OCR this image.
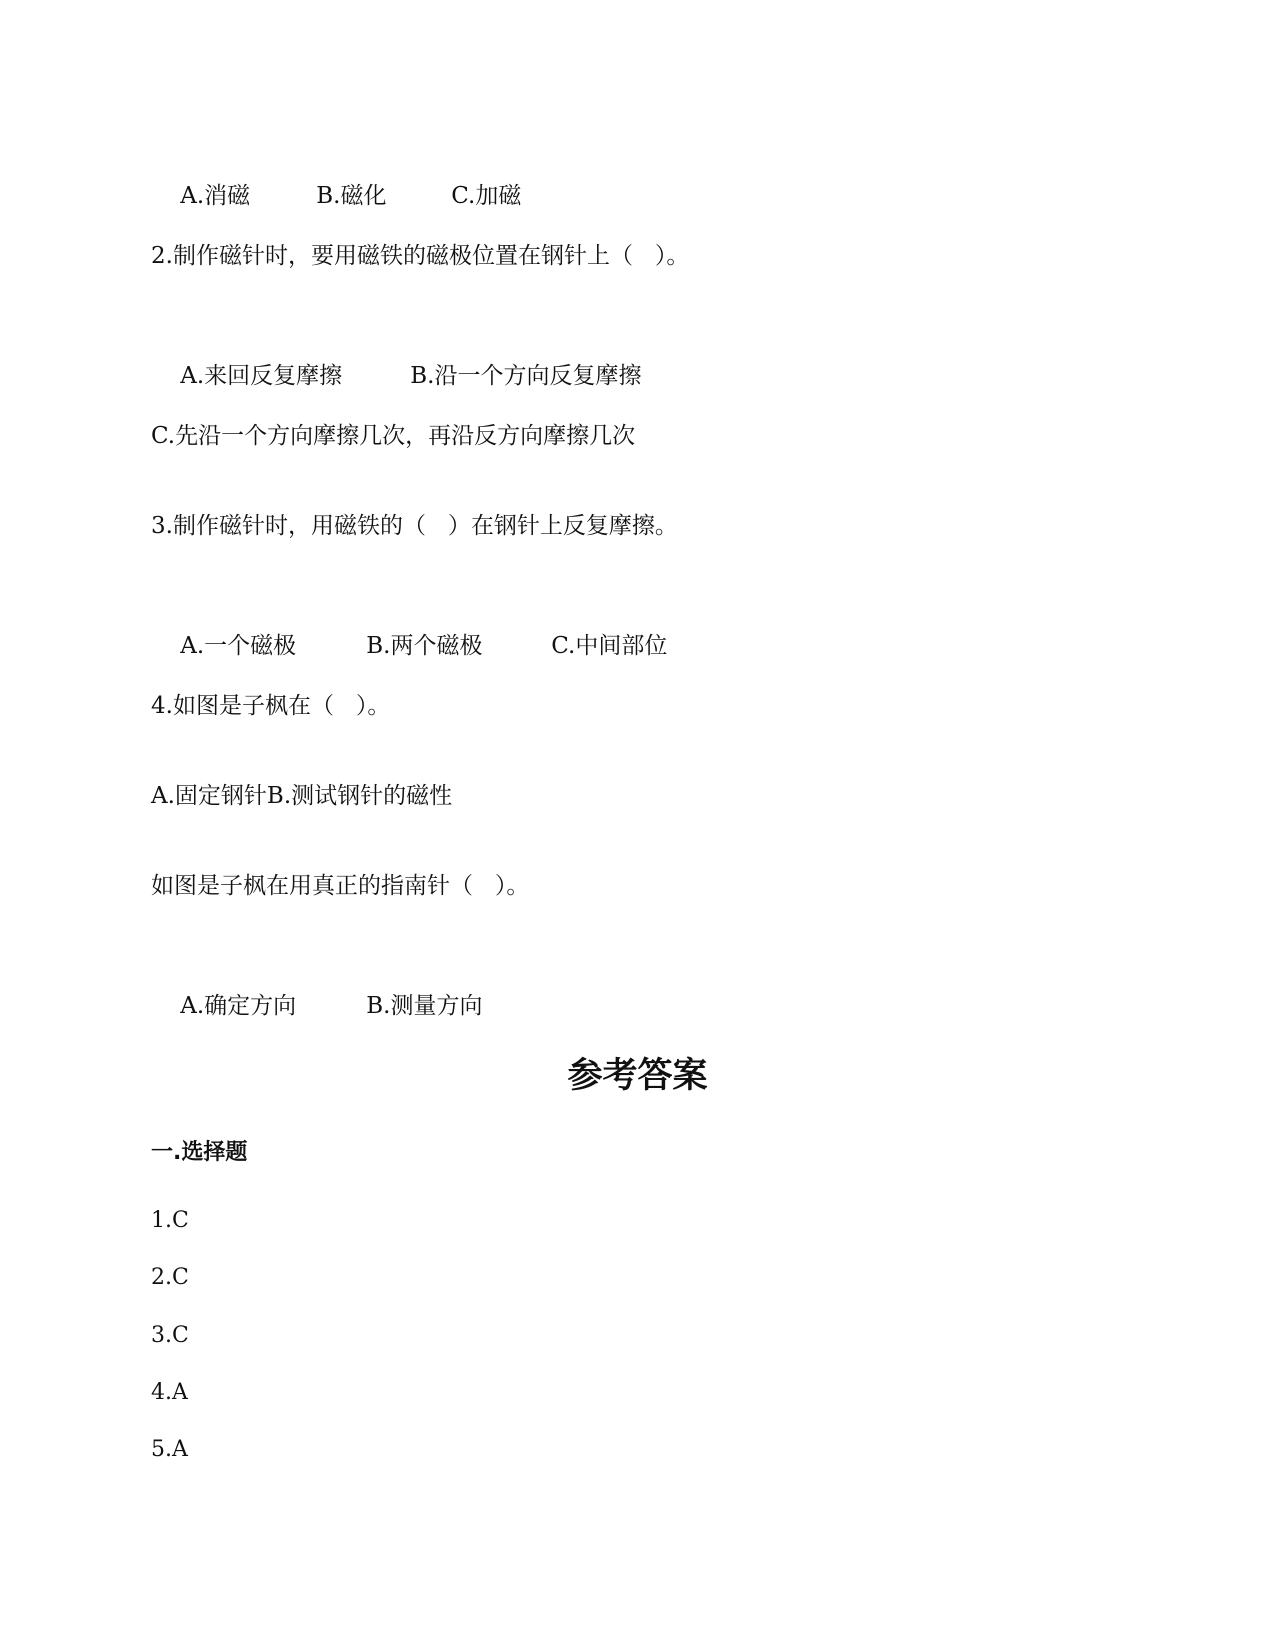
A.消磁	B.磁化	C.加磁

2.制作磁针时，要用磁铁的磁极位置在钢针上（   ）。

A.来回反复摩擦	B.沿一个方向反复摩擦

C.先沿一个方向摩擦几次，再沿反方向摩擦几次
3.制作磁针时，用磁铁的（   ）在钢针上反复摩擦。

A.一个磁极	B.两个磁极	C.中间部位

4.如图是子枫在（   ）。
A.固定钢针B.测试钢针的磁性
如图是子枫在用真正的指南针（   ）。

A.确定方向	B.测量方向

参考答案
一.选择题
1.C
2.C
3.C
4.A
5.A
